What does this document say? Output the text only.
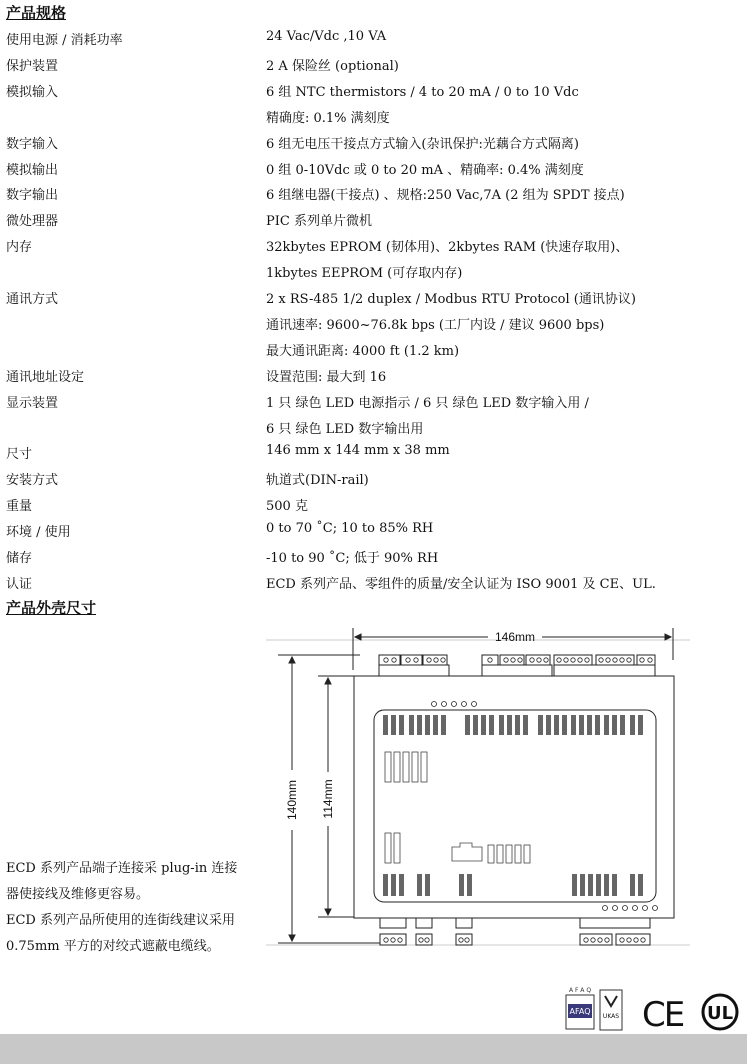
产品规格
使用电源 / 消耗功率	24 Vac/Vdc ,10 VA
保护装置	2 A 保险丝 (optional)
模拟输入	6 组 NTC thermistors / 4 to 20 mA / 0 to 10 Vdc
精确度: 0.1% 满刻度
数字输入	6 组无电压干接点方式输入(杂讯保护:光藕合方式隔离)
模拟输出	0 组 0-10Vdc 或 0 to 20 mA 、精确率: 0.4% 满刻度
数字输出	6 组继电器(干接点) 、规格:250 Vac,7A (2 组为 SPDT 接点)
微处理器	PIC 系列单片微机
内存	32kbytes EPROM (韧体用)、2kbytes RAM (快速存取用)、
1kbytes EEPROM (可存取内存)
通讯方式	2 x RS-485 1/2 duplex / Modbus RTU Protocol (通讯协议)
通讯速率: 9600~76.8k bps (工厂内设 / 建议 9600 bps)
最大通讯距离: 4000 ft (1.2 km)
通讯地址设定	设置范围: 最大到 16
显示装置	1 只 绿色 LED 电源指示 / 6 只 绿色 LED 数字输入用 /
6 只 绿色 LED 数字输出用
尺寸	146 mm x 144 mm x 38 mm
安装方式	轨道式(DIN-rail)
重量	500 克
环境 / 使用	0 to 70 ˚C; 10 to 85% RH
储存	-10 to 90 ˚C; 低于 90% RH
认证	ECD 系列产品、零组件的质量/安全认证为 ISO 9001 及 CE、UL.
产品外壳尺寸
ECD 系列产品端子连接采 plug-in 连接
器使接线及维修更容易。
ECD 系列产品所使用的连街线建议采用
0.75mm 平方的对绞式遮蔽电缆线。
146mm
140mm 114mm
A F A Q
AFAQ
UKAS CE UL
